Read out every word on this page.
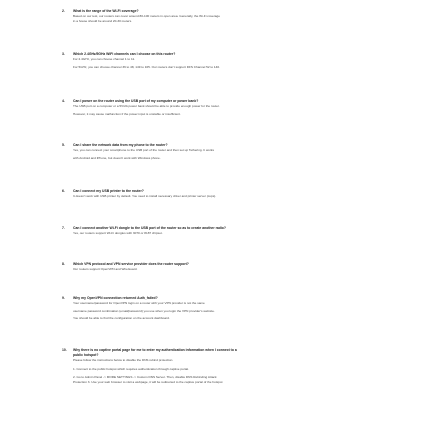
2.	What is the range of the Wi-Fi coverage?

Based on our test, our routers can cover around 80-100 meters in open area. Generally, the Wi-Fi coverage

in a house should be around 20-30 meters.

3.	Which 2.4GHz/5GHz WiFi channels can I choose on this router?

For 2.4GHz, you can choose channel 1 to 11.

For 5GHz, you can choose channel 36 to 48, 149 to 165. Our routers don't support DFS Channel 52 to 140.

4.	Can I power on the router using the USB port of my computer or power bank?

The USB port on a computer or a 5V/2A power bank should be able to provide enough power for the router.

However, it may cause malfunction if the power input is unstable or insufficient.

5.	Can I share the network data from my phone to the router?

Yes, you can connect your smartphone to the USB port of the router and then set up Tethering. It works

with Android and iPhone, but doesn't work with Windows phone.

6.	Can I connect my USB printer to the router?

It doesn't work with USB printer by default. You need to install necessary driver and printer server (cups).

7.	Can I connect another Wi-Fi dongle to the USB port of the router so as to create another radio?

Yes, our routers support Wi-Fi dongles with 3070 or 8187 chipset.

8.	Which VPN protocol and VPN service provider does the router support?

Our routers support OpenVPN and WireGuard.

9.	Why my OpenVPN connection returned Auth_failed?

Your username/password for OpenVPN login on a router with your VPN provider is not the same

username password combination (email/password) you use when you login the VPN provider's website.

You should be able to find the configuration on the account dashboard.

10.	Why there is no captive portal page for me to enter my authentication information when I connect to a
public hotspot?

Please follow the instructions below to disable the DNS rebind protection.

1. Connect to the public hotspot which requires authentication through captive portal.

2. Go to Admin Panel -> MORE SETTINGS -> Custom DNS Server. Then, disable DNS Rebinding Attack

Protection 3. Use your web browser to visit a webpage, it will be redirected to the captive portal of the hotspot
